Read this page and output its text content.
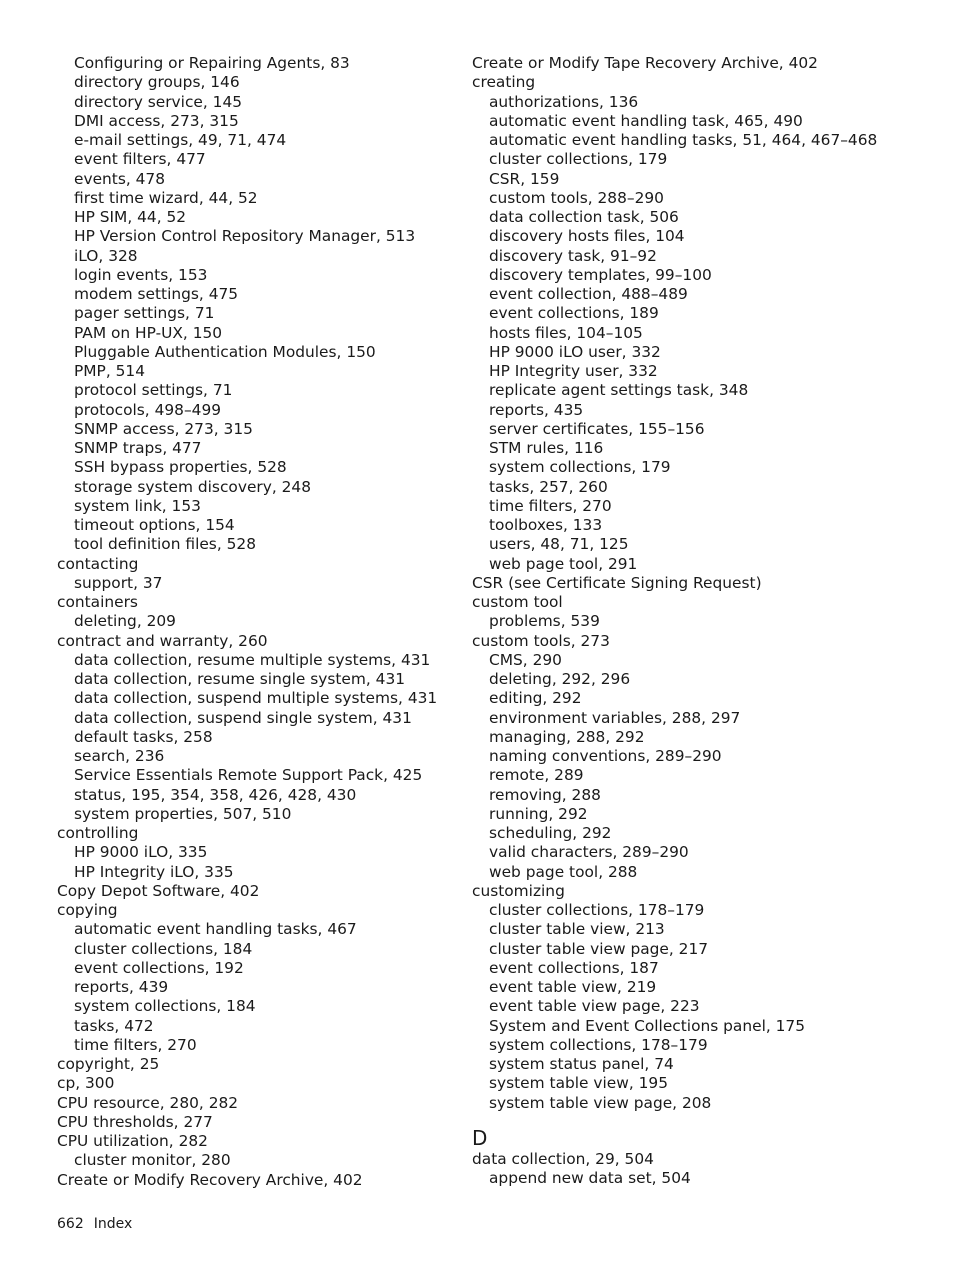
Configuring or Repairing Agents, 83
directory groups, 146
directory service, 145
DMI access, 273, 315
e-mail settings, 49, 71, 474
event filters, 477
events, 478
first time wizard, 44, 52
HP SIM, 44, 52
HP Version Control Repository Manager, 513
iLO, 328
login events, 153
modem settings, 475
pager settings, 71
PAM on HP-UX, 150
Pluggable Authentication Modules, 150
PMP, 514
protocol settings, 71
protocols, 498–499
SNMP access, 273, 315
SNMP traps, 477
SSH bypass properties, 528
storage system discovery, 248
system link, 153
timeout options, 154
tool definition files, 528
contacting
support, 37
containers
deleting, 209
contract and warranty, 260
data collection, resume multiple systems, 431
data collection, resume single system, 431
data collection, suspend multiple systems, 431
data collection, suspend single system, 431
default tasks, 258
search, 236
Service Essentials Remote Support Pack, 425
status, 195, 354, 358, 426, 428, 430
system properties, 507, 510
controlling
HP 9000 iLO, 335
HP Integrity iLO, 335
Copy Depot Software, 402
copying
automatic event handling tasks, 467
cluster collections, 184
event collections, 192
reports, 439
system collections, 184
tasks, 472
time filters, 270
copyright, 25
cp, 300
CPU resource, 280, 282
CPU thresholds, 277
CPU utilization, 282
cluster monitor, 280
Create or Modify Recovery Archive, 402
Create or Modify Tape Recovery Archive, 402
creating
authorizations, 136
automatic event handling task, 465, 490
automatic event handling tasks, 51, 464, 467–468
cluster collections, 179
CSR, 159
custom tools, 288–290
data collection task, 506
discovery hosts files, 104
discovery task, 91–92
discovery templates, 99–100
event collection, 488–489
event collections, 189
hosts files, 104–105
HP 9000 iLO user, 332
HP Integrity user, 332
replicate agent settings task, 348
reports, 435
server certificates, 155–156
STM rules, 116
system collections, 179
tasks, 257, 260
time filters, 270
toolboxes, 133
users, 48, 71, 125
web page tool, 291
CSR (see Certificate Signing Request)
custom tool
problems, 539
custom tools, 273
CMS, 290
deleting, 292, 296
editing, 292
environment variables, 288, 297
managing, 288, 292
naming conventions, 289–290
remote, 289
removing, 288
running, 292
scheduling, 292
valid characters, 289–290
web page tool, 288
customizing
cluster collections, 178–179
cluster table view, 213
cluster table view page, 217
event collections, 187
event table view, 219
event table view page, 223
System and Event Collections panel, 175
system collections, 178–179
system status panel, 74
system table view, 195
system table view page, 208
D
data collection, 29, 504
append new data set, 504
662 Index
